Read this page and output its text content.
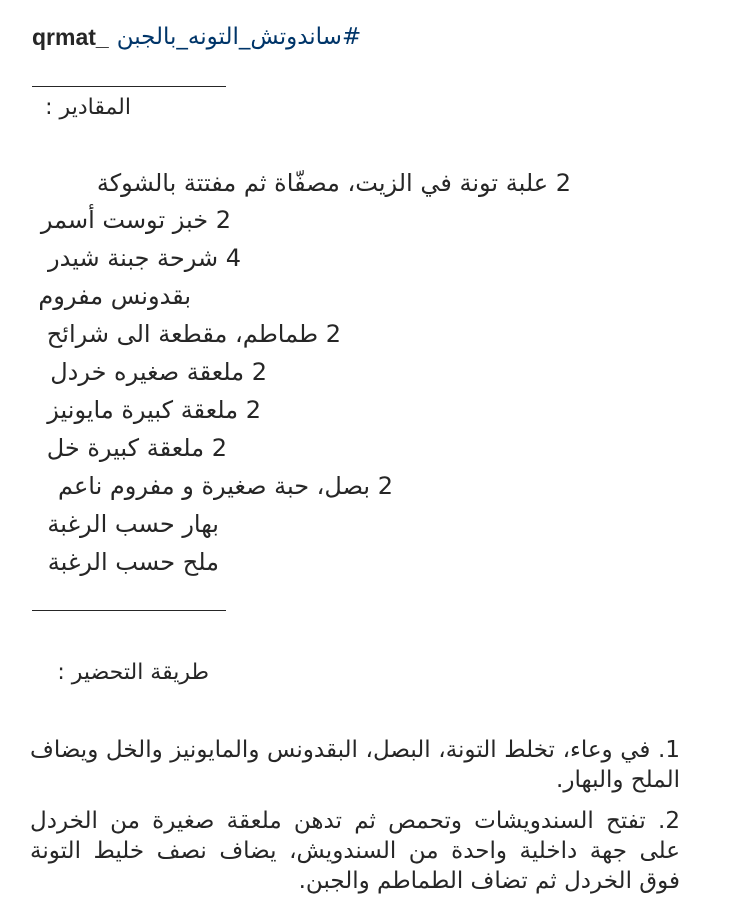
qrmat_ #ساندوتش_التونه_بالجبن
المقادير :
2 علبة تونة في الزيت، مصفّاة ثم مفتتة بالشوكة
2 خبز توست أسمر
4 شرحة جبنة شيدر
بقدونس مفروم
2 طماطم، مقطعة الى شرائح
2 ملعقة صغيره خردل
2 ملعقة كبيرة مايونيز
2 ملعقة كبيرة خل
2 بصل، حبة صغيرة و مفروم ناعم
بهار حسب الرغبة
ملح حسب الرغبة
طريقة التحضير :
1. في وعاء، تخلط التونة، البصل، البقدونس والمايونيز والخل ويضاف الملح والبهار.
2. تفتح السندويشات وتحمص ثم تدهن ملعقة صغيرة من الخردل على جهة داخلية واحدة من السندويش، يضاف نصف خليط التونة فوق الخردل ثم تضاف الطماطم والجبن.
